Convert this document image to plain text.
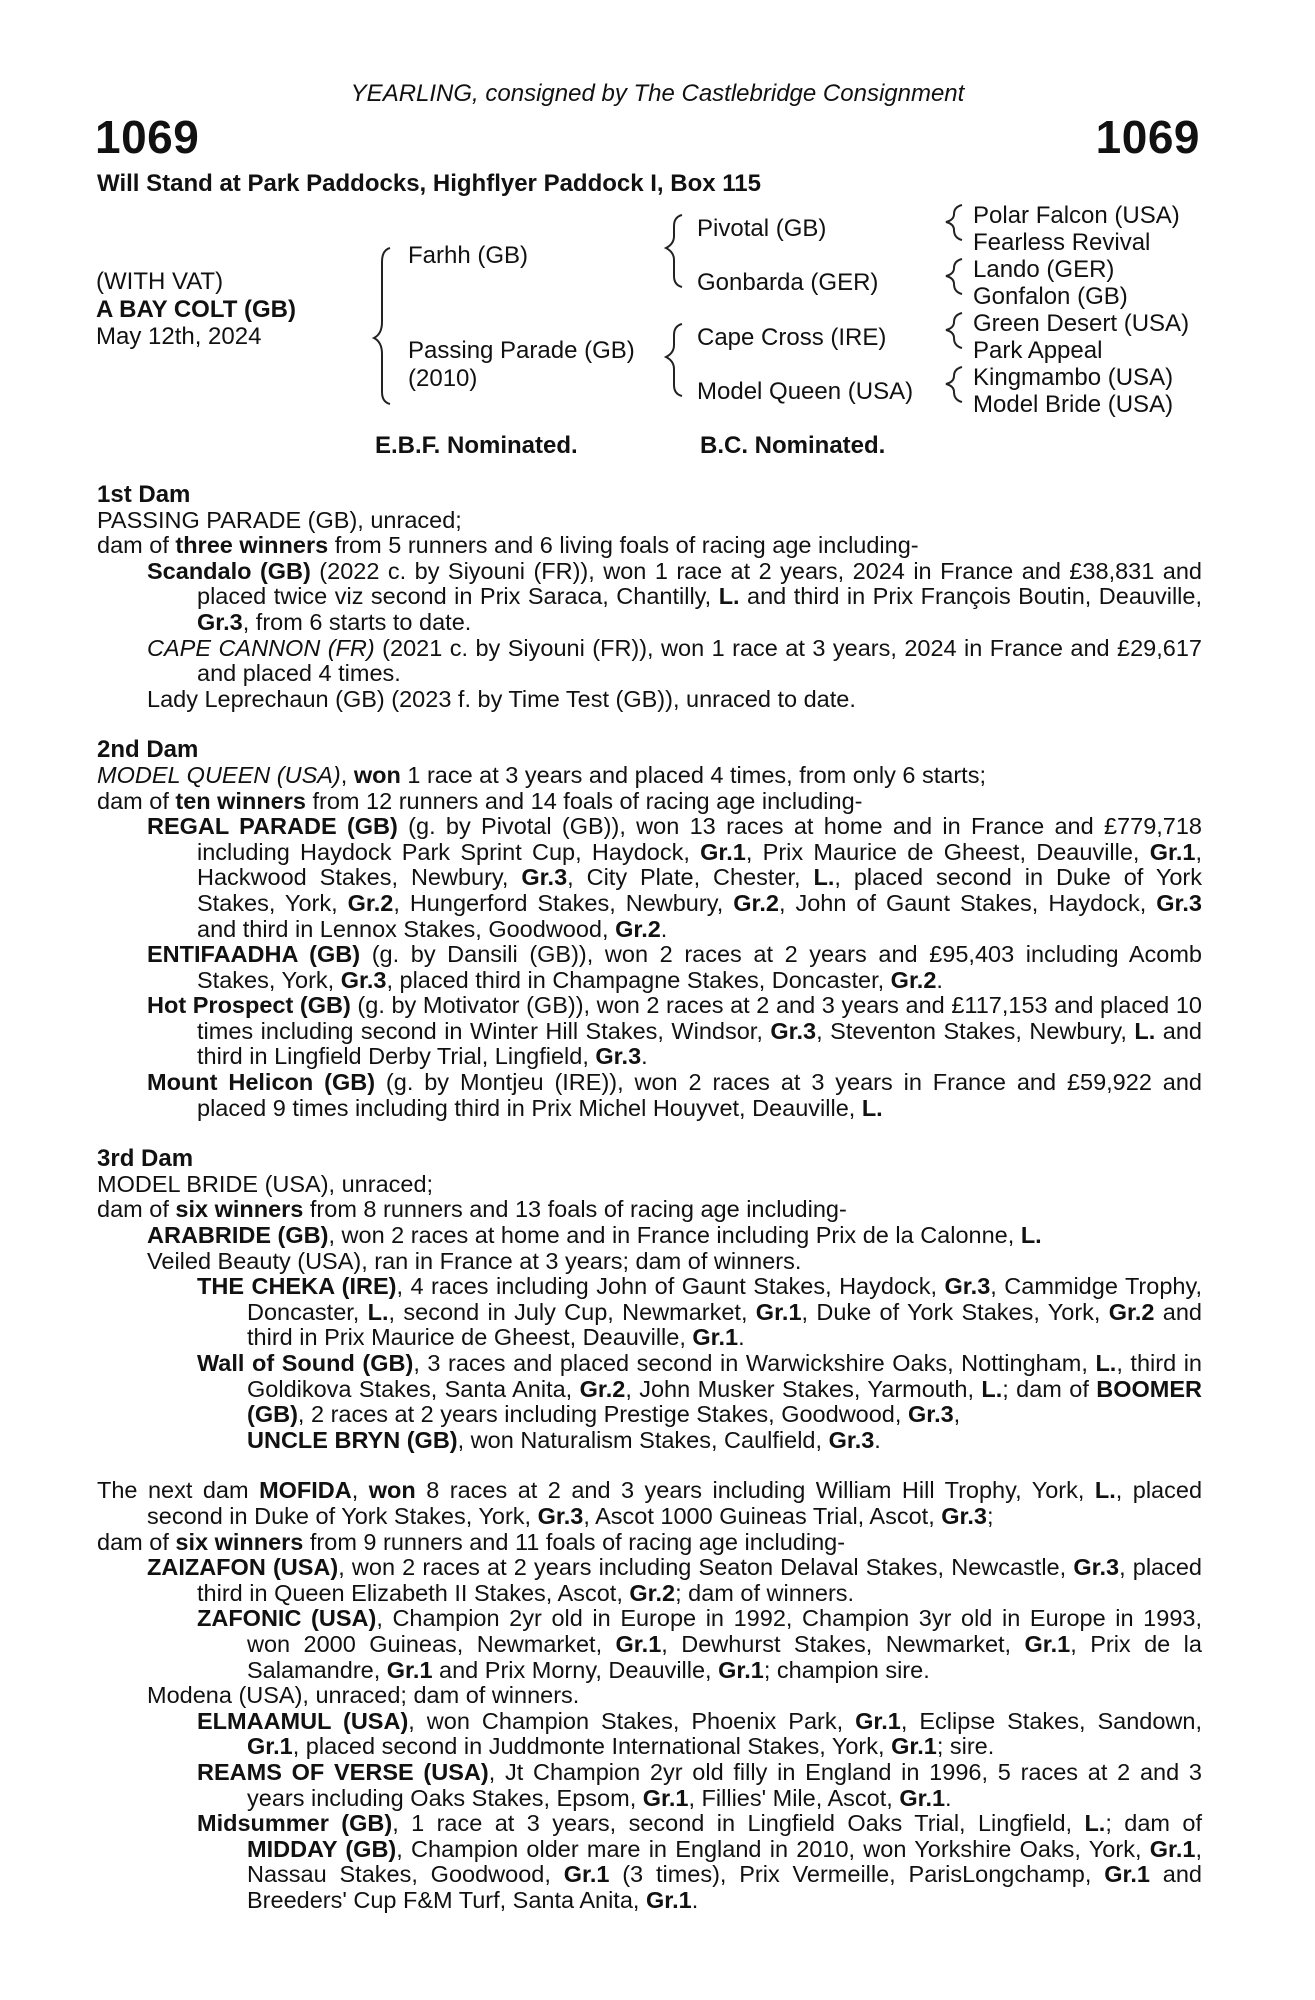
YEARLING, consigned by The Castlebridge Consignment
1069	1069
Will Stand at Park Paddocks, Highflyer Paddock I, Box 115
(WITH VAT)
A BAY COLT (GB)
May 12th, 2024
Farhh (GB)
Passing Parade (GB)
(2010)
Pivotal (GB)
Gonbarda (GER)
Cape Cross (IRE)
Model Queen (USA)
Polar Falcon (USA)
Fearless Revival
Lando (GER)
Gonfalon (GB)
Green Desert (USA)
Park Appeal
Kingmambo (USA)
Model Bride (USA)
E.B.F. Nominated.	B.C. Nominated.
1st Dam
PASSING PARADE (GB), unraced;
dam of three winners from 5 runners and 6 living foals of racing age including-
Scandalo (GB) (2022 c. by Siyouni (FR)), won 1 race at 2 years, 2024 in France and £38,831 and placed twice viz second in Prix Saraca, Chantilly, L. and third in Prix François Boutin, Deauville, Gr.3, from 6 starts to date.
CAPE CANNON (FR) (2021 c. by Siyouni (FR)), won 1 race at 3 years, 2024 in France and £29,617 and placed 4 times.
Lady Leprechaun (GB) (2023 f. by Time Test (GB)), unraced to date.
2nd Dam
MODEL QUEEN (USA), won 1 race at 3 years and placed 4 times, from only 6 starts;
dam of ten winners from 12 runners and 14 foals of racing age including-
REGAL PARADE (GB) (g. by Pivotal (GB)), won 13 races at home and in France and £779,718 including Haydock Park Sprint Cup, Haydock, Gr.1, Prix Maurice de Gheest, Deauville, Gr.1, Hackwood Stakes, Newbury, Gr.3, City Plate, Chester, L., placed second in Duke of York Stakes, York, Gr.2, Hungerford Stakes, Newbury, Gr.2, John of Gaunt Stakes, Haydock, Gr.3 and third in Lennox Stakes, Goodwood, Gr.2.
ENTIFAADHA (GB) (g. by Dansili (GB)), won 2 races at 2 years and £95,403 including Acomb Stakes, York, Gr.3, placed third in Champagne Stakes, Doncaster, Gr.2.
Hot Prospect (GB) (g. by Motivator (GB)), won 2 races at 2 and 3 years and £117,153 and placed 10 times including second in Winter Hill Stakes, Windsor, Gr.3, Steventon Stakes, Newbury, L. and third in Lingfield Derby Trial, Lingfield, Gr.3.
Mount Helicon (GB) (g. by Montjeu (IRE)), won 2 races at 3 years in France and £59,922 and placed 9 times including third in Prix Michel Houyvet, Deauville, L.
3rd Dam
MODEL BRIDE (USA), unraced;
dam of six winners from 8 runners and 13 foals of racing age including-
ARABRIDE (GB), won 2 races at home and in France including Prix de la Calonne, L.
Veiled Beauty (USA), ran in France at 3 years; dam of winners.
THE CHEKA (IRE), 4 races including John of Gaunt Stakes, Haydock, Gr.3, Cammidge Trophy, Doncaster, L., second in July Cup, Newmarket, Gr.1, Duke of York Stakes, York, Gr.2 and third in Prix Maurice de Gheest, Deauville, Gr.1.
Wall of Sound (GB), 3 races and placed second in Warwickshire Oaks, Nottingham, L., third in Goldikova Stakes, Santa Anita, Gr.2, John Musker Stakes, Yarmouth, L.; dam of BOOMER (GB), 2 races at 2 years including Prestige Stakes, Goodwood, Gr.3,
UNCLE BRYN (GB), won Naturalism Stakes, Caulfield, Gr.3.
The next dam MOFIDA, won 8 races at 2 and 3 years including William Hill Trophy, York, L., placed second in Duke of York Stakes, York, Gr.3, Ascot 1000 Guineas Trial, Ascot, Gr.3;
dam of six winners from 9 runners and 11 foals of racing age including-
ZAIZAFON (USA), won 2 races at 2 years including Seaton Delaval Stakes, Newcastle, Gr.3, placed third in Queen Elizabeth II Stakes, Ascot, Gr.2; dam of winners.
ZAFONIC (USA), Champion 2yr old in Europe in 1992, Champion 3yr old in Europe in 1993, won 2000 Guineas, Newmarket, Gr.1, Dewhurst Stakes, Newmarket, Gr.1, Prix de la Salamandre, Gr.1 and Prix Morny, Deauville, Gr.1; champion sire.
Modena (USA), unraced; dam of winners.
ELMAAMUL (USA), won Champion Stakes, Phoenix Park, Gr.1, Eclipse Stakes, Sandown, Gr.1, placed second in Juddmonte International Stakes, York, Gr.1; sire.
REAMS OF VERSE (USA), Jt Champion 2yr old filly in England in 1996, 5 races at 2 and 3 years including Oaks Stakes, Epsom, Gr.1, Fillies' Mile, Ascot, Gr.1.
Midsummer (GB), 1 race at 3 years, second in Lingfield Oaks Trial, Lingfield, L.; dam of MIDDAY (GB), Champion older mare in England in 2010, won Yorkshire Oaks, York, Gr.1, Nassau Stakes, Goodwood, Gr.1 (3 times), Prix Vermeille, ParisLongchamp, Gr.1 and Breeders' Cup F&M Turf, Santa Anita, Gr.1.
